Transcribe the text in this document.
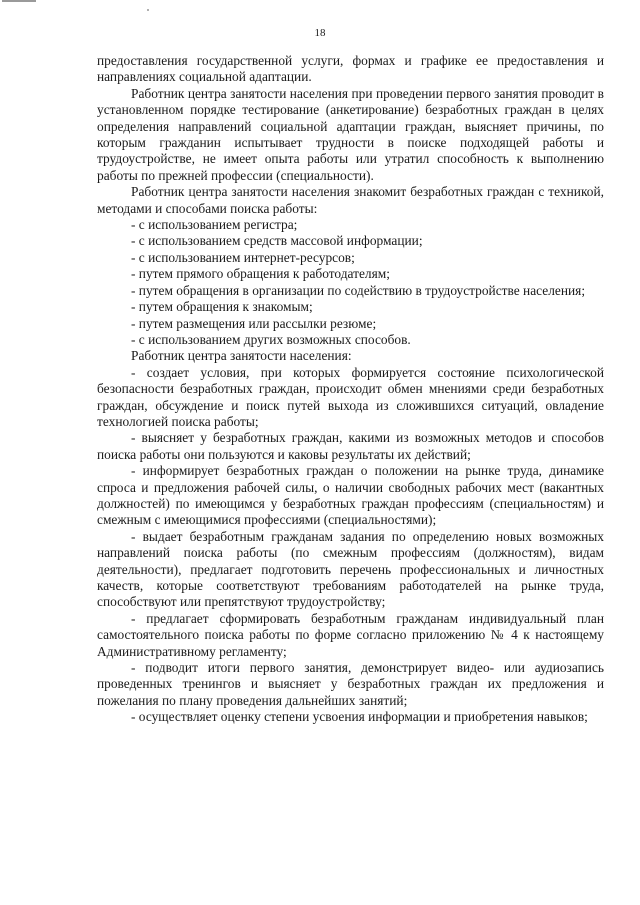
18

предоставления государственной услуги, формах и графике ее предоставления и направлениях социальной адаптации.

Работник центра занятости населения при проведении первого занятия проводит в установленном порядке тестирование (анкетирование) безработных граждан в целях определения направлений социальной адаптации граждан, выясняет причины, по которым гражданин испытывает трудности в поиске подходящей работы и трудоустройстве, не имеет опыта работы или утратил способность к выполнению работы по прежней профессии (специальности).

Работник центра занятости населения знакомит безработных граждан с техникой, методами и способами поиска работы:

- с использованием регистра;

- с использованием средств массовой информации;

- с использованием интернет-ресурсов;

- путем прямого обращения к работодателям;

- путем обращения в организации по содействию в трудоустройстве населения;

- путем обращения к знакомым;

- путем размещения или рассылки резюме;

- с использованием других возможных способов.

Работник центра занятости населения:

- создает условия, при которых формируется состояние психологической безопасности безработных граждан, происходит обмен мнениями среди безработных граждан, обсуждение и поиск путей выхода из сложившихся ситуаций, овладение технологией поиска работы;

- выясняет у безработных граждан, какими из возможных методов и способов поиска работы они пользуются и каковы результаты их действий;

- информирует безработных граждан о положении на рынке труда, динамике спроса и предложения рабочей силы, о наличии свободных рабочих мест (вакантных должностей) по имеющимся у безработных граждан профессиям (специальностям) и смежным с имеющимися профессиями (специальностями);

- выдает безработным гражданам задания по определению новых возможных направлений поиска работы (по смежным профессиям (должностям), видам деятельности), предлагает подготовить перечень профессиональных и личностных качеств, которые соответствуют требованиям работодателей на рынке труда, способствуют или препятствуют трудоустройству;

- предлагает сформировать безработным гражданам индивидуальный план самостоятельного поиска работы по форме согласно приложению № 4 к настоящему Административному регламенту;

- подводит итоги первого занятия, демонстрирует видео- или аудиозапись проведенных тренингов и выясняет у безработных граждан их предложения и пожелания по плану проведения дальнейших занятий;

- осуществляет оценку степени усвоения информации и приобретения навыков;
